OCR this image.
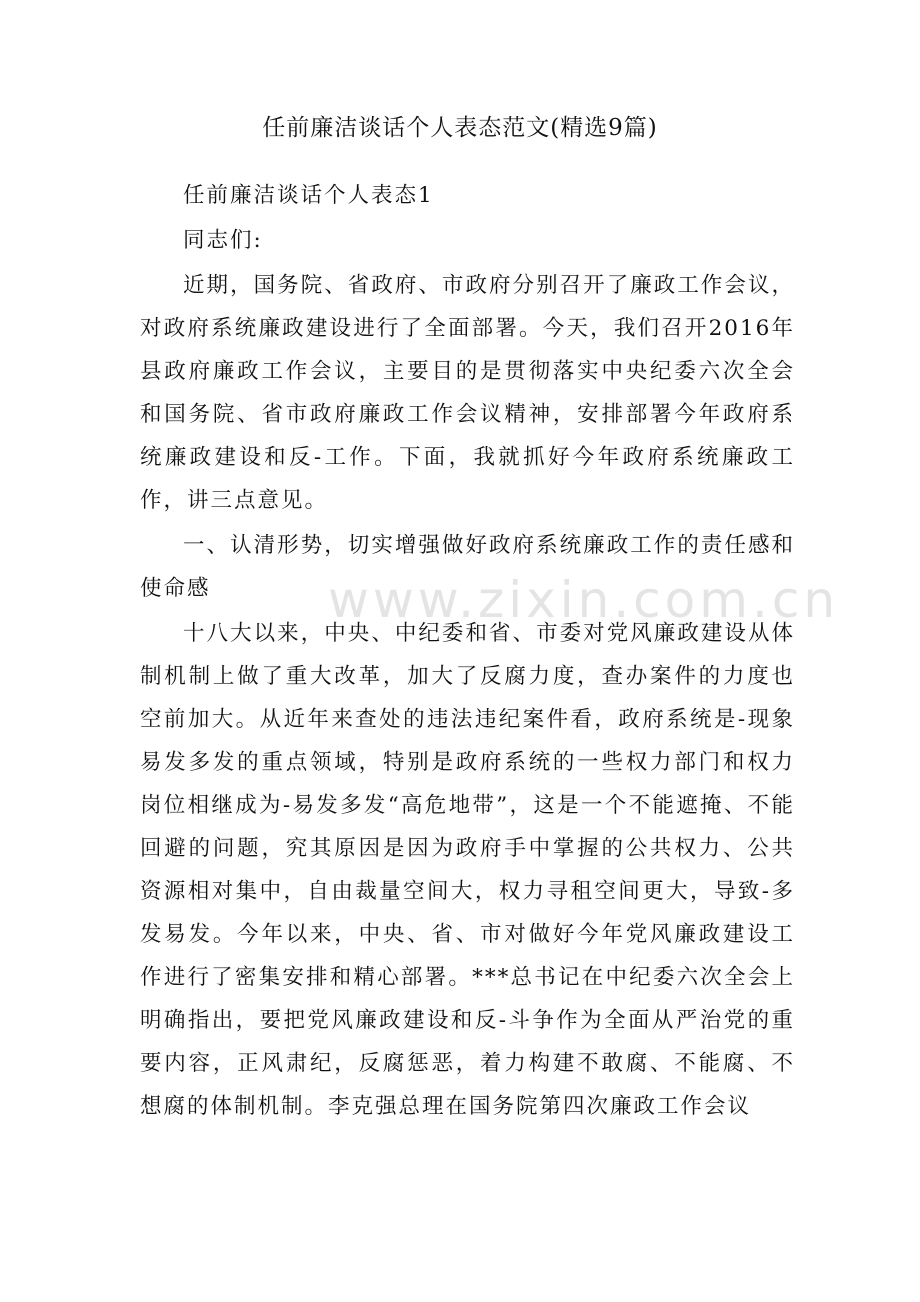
www.zixin.com.cn
任前廉洁谈话个人表态范文(精选9篇)

任前廉洁谈话个人表态1

同志们:

近期，国务院、省政府、市政府分别召开了廉政工作会议，对政府系统廉政建设进行了全面部署。今天，我们召开2016年县政府廉政工作会议，主要目的是贯彻落实中央纪委六次全会和国务院、省市政府廉政工作会议精神，安排部署今年政府系统廉政建设和反-工作。下面，我就抓好今年政府系统廉政工作，讲三点意见。

一、认清形势，切实增强做好政府系统廉政工作的责任感和使命感

十八大以来，中央、中纪委和省、市委对党风廉政建设从体制机制上做了重大改革，加大了反腐力度，查办案件的力度也空前加大。从近年来查处的违法违纪案件看，政府系统是-现象易发多发的重点领域，特别是政府系统的一些权力部门和权力岗位相继成为-易发多发“高危地带”，这是一个不能遮掩、不能回避的问题，究其原因是因为政府手中掌握的公共权力、公共资源相对集中，自由裁量空间大，权力寻租空间更大，导致-多发易发。今年以来，中央、省、市对做好今年党风廉政建设工作进行了密集安排和精心部署。***总书记在中纪委六次全会上明确指出，要把党风廉政建设和反-斗争作为全面从严治党的重要内容，正风肃纪，反腐惩恶，着力构建不敢腐、不能腐、不想腐的体制机制。李克强总理在国务院第四次廉政工作会议
